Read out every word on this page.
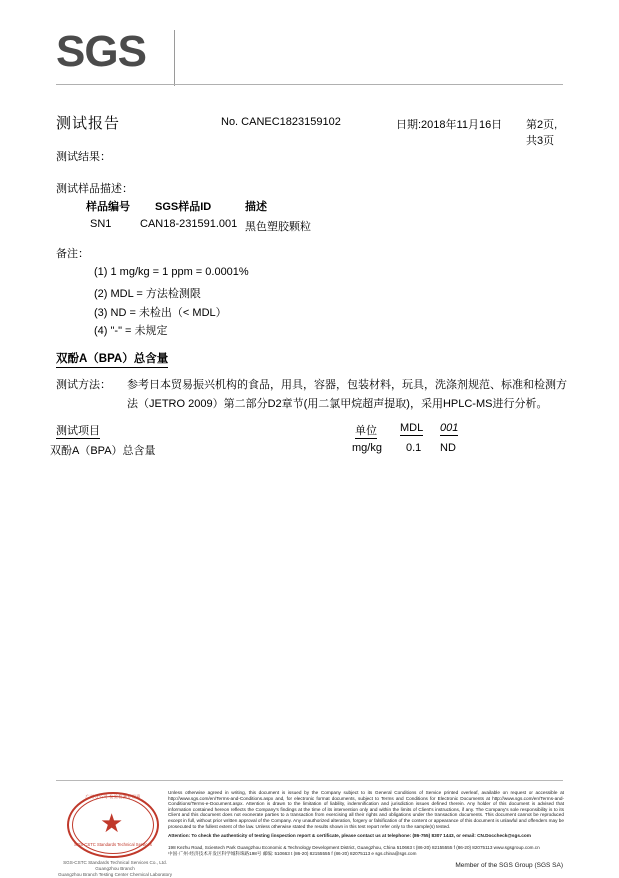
SGS
测试报告	No. CANEC1823159102	日期:2018年11月16日 第2页,共3页
测试结果：
测试样品描述：
样品编号 SGS样品ID	描述
SN1	CAN18-231591.001 黑色塑胶颗粒
备注：
(1) 1 mg/kg = 1 ppm = 0.0001%
(2) MDL = 方法检测限
(3) ND = 未检出（< MDL）
(4) "-" = 未规定
双酚A（BPA）总含量
测试方法： 参考日本贸易振兴机构的食品，用具，容器，包装材料，玩具，洗涤剂规范、标准和检测方
法（JETRO 2009）第二部分D2章节(用二氯甲烷超声提取)，采用HPLC-MS进行分析。
测试项目	单位 MDL 001
双酚A（BPA）总含量	mg/kg 0.1 ND
★
广州分公司 检验检测专用章
SGS-CSTC Standards Technical Services
SGS-CSTC Standards Technical Services Co., Ltd. Guangzhou Branch
Guangzhou Branch Testing Center Chemical Laboratory
Unless otherwise agreed in writing, this document is issued by the Company subject to its General Conditions of Service printed overleaf, available on request or accessible at http://www.sgs.com/en/Terms-and-Conditions.aspx and, for electronic format documents, subject to Terms and Conditions for Electronic Documents at http://www.sgs.com/en/Terms-and-Conditions/Terms-e-Document.aspx. Attention is drawn to the limitation of liability, indemnification and jurisdiction issues defined therein. Any holder of this document is advised that information contained hereon reflects the Company's findings at the time of its intervention only and within the limits of Client's instructions, if any. The Company's sole responsibility is to its Client and this document does not exonerate parties to a transaction from exercising all their rights and obligations under the transaction documents. This document cannot be reproduced except in full, without prior written approval of the Company. Any unauthorized alteration, forgery or falsification of the content or appearance of this document is unlawful and offenders may be prosecuted to the fullest extent of the law. Unless otherwise stated the results shown in this test report refer only to the sample(s) tested.
Attention: To check the authenticity of testing /inspection report & certificate, please contact us at telephone: (86-755) 8307 1443, or email: CN.Doccheck@sgs.com
198 Kezhu Road, Scientech Park Guangzhou Economic & Technology Development District, Guangzhou, China 510663 t (86-20) 82155555 f (86-20) 82075113 www.sgsgroup.com.cn
中国·广州·经济技术开发区科学城科珠路198号 邮编: 510663 t (86-20) 82155555 f (86-20) 82075113 e sgs.china@sgs.com
Member of the SGS Group (SGS SA)
